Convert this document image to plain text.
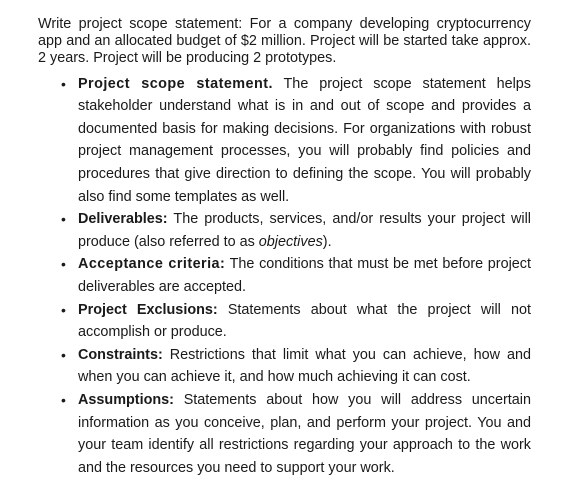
Write project scope statement: For a company developing cryptocurrency app and an allocated budget of $2 million. Project will be started take approx. 2 years. Project will be producing 2 prototypes.

• Project scope statement. The project scope statement helps stakeholder understand what is in and out of scope and provides a documented basis for making decisions. For organizations with robust project management processes, you will probably find policies and procedures that give direction to defining the scope. You will probably also find some templates as well.
• Deliverables: The products, services, and/or results your project will produce (also referred to as objectives).
• Acceptance criteria: The conditions that must be met before project deliverables are accepted.
• Project Exclusions: Statements about what the project will not accomplish or produce.
• Constraints: Restrictions that limit what you can achieve, how and when you can achieve it, and how much achieving it can cost.
• Assumptions: Statements about how you will address uncertain information as you conceive, plan, and perform your project. You and your team identify all restrictions regarding your approach to the work and the resources you need to support your work.
